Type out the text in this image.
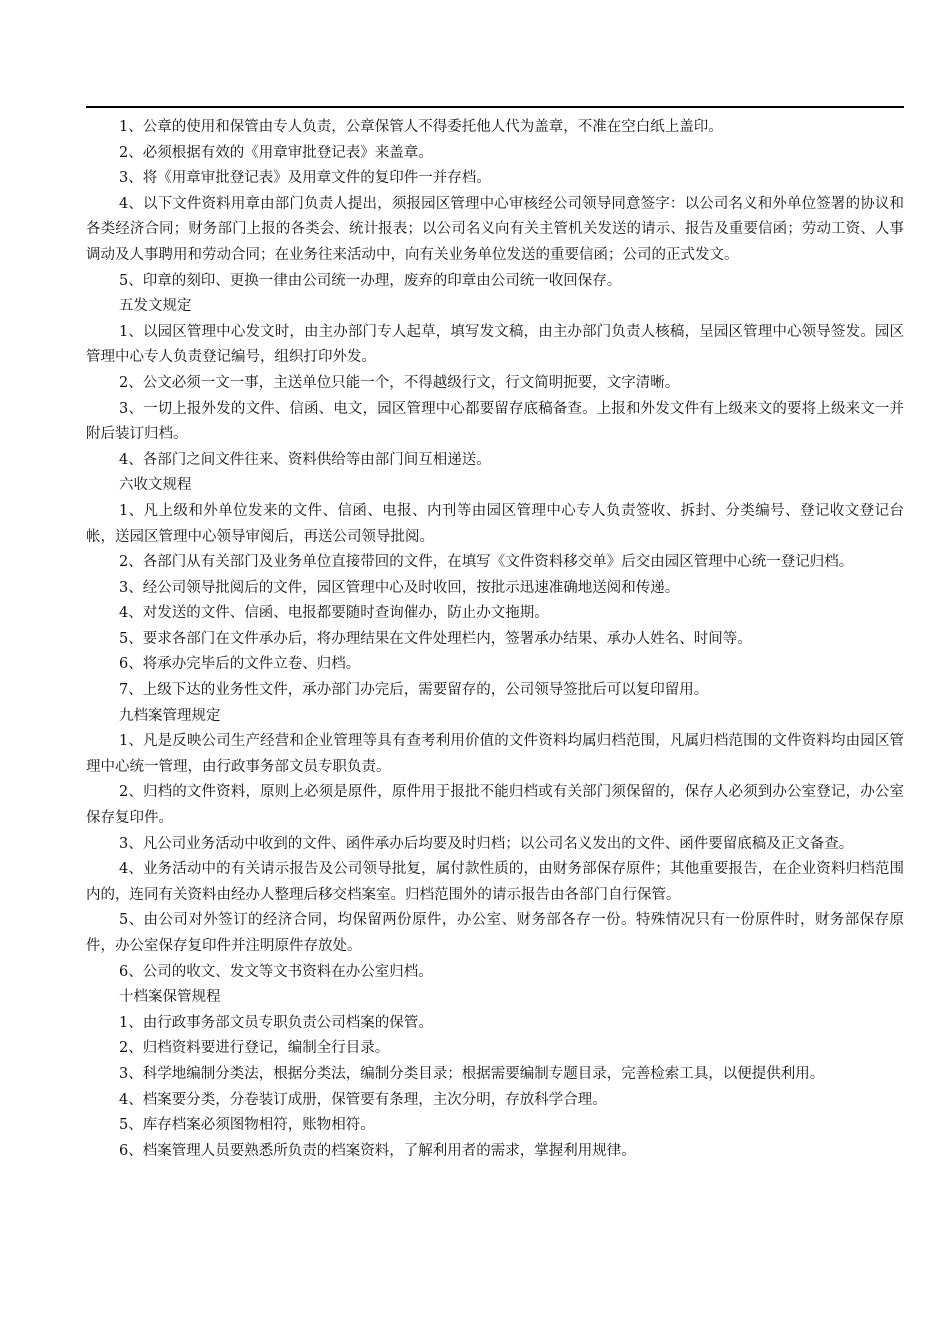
1、公章的使用和保管由专人负责，公章保管人不得委托他人代为盖章，不准在空白纸上盖印。

2、必须根据有效的《用章审批登记表》来盖章。

3、将《用章审批登记表》及用章文件的复印件一并存档。

4、以下文件资料用章由部门负责人提出，须报园区管理中心审核经公司领导同意签字：以公司名义和外单位签署的协议和各类经济合同；财务部门上报的各类会、统计报表；以公司名义向有关主管机关发送的请示、报告及重要信函；劳动工资、人事调动及人事聘用和劳动合同；在业务往来活动中，向有关业务单位发送的重要信函；公司的正式发文。

5、印章的刻印、更换一律由公司统一办理，废弃的印章由公司统一收回保存。

五发文规定

1、以园区管理中心发文时，由主办部门专人起草，填写发文稿，由主办部门负责人核稿，呈园区管理中心领导签发。园区管理中心专人负责登记编号，组织打印外发。

2、公文必须一文一事，主送单位只能一个，不得越级行文，行文简明扼要，文字清晰。

3、一切上报外发的文件、信函、电文，园区管理中心都要留存底稿备查。上报和外发文件有上级来文的要将上级来文一并附后装订归档。

4、各部门之间文件往来、资料供给等由部门间互相递送。

六收文规程

1、凡上级和外单位发来的文件、信函、电报、内刊等由园区管理中心专人负责签收、拆封、分类编号、登记收文登记台帐，送园区管理中心领导审阅后，再送公司领导批阅。

2、各部门从有关部门及业务单位直接带回的文件，在填写《文件资料移交单》后交由园区管理中心统一登记归档。

3、经公司领导批阅后的文件，园区管理中心及时收回，按批示迅速准确地送阅和传递。

4、对发送的文件、信函、电报都要随时查询催办，防止办文拖期。

5、要求各部门在文件承办后，将办理结果在文件处理栏内，签署承办结果、承办人姓名、时间等。

6、将承办完毕后的文件立卷、归档。

7、上级下达的业务性文件，承办部门办完后，需要留存的，公司领导签批后可以复印留用。

九档案管理规定

1、凡是反映公司生产经营和企业管理等具有查考利用价值的文件资料均属归档范围，凡属归档范围的文件资料均由园区管理中心统一管理，由行政事务部文员专职负责。

2、归档的文件资料，原则上必须是原件，原件用于报批不能归档或有关部门须保留的，保存人必须到办公室登记，办公室保存复印件。

3、凡公司业务活动中收到的文件、函件承办后均要及时归档；以公司名义发出的文件、函件要留底稿及正文备查。

4、业务活动中的有关请示报告及公司领导批复，属付款性质的，由财务部保存原件；其他重要报告，在企业资料归档范围内的，连同有关资料由经办人整理后移交档案室。归档范围外的请示报告由各部门自行保管。

5、由公司对外签订的经济合同，均保留两份原件，办公室、财务部各存一份。特殊情况只有一份原件时，财务部保存原件，办公室保存复印件并注明原件存放处。

6、公司的收文、发文等文书资料在办公室归档。

十档案保管规程

1、由行政事务部文员专职负责公司档案的保管。

2、归档资料要进行登记，编制全行目录。

3、科学地编制分类法，根据分类法，编制分类目录；根据需要编制专题目录，完善检索工具，以便提供利用。

4、档案要分类，分卷装订成册，保管要有条理，主次分明，存放科学合理。

5、库存档案必须图物相符，账物相符。

6、档案管理人员要熟悉所负责的档案资料，了解利用者的需求，掌握利用规律。
